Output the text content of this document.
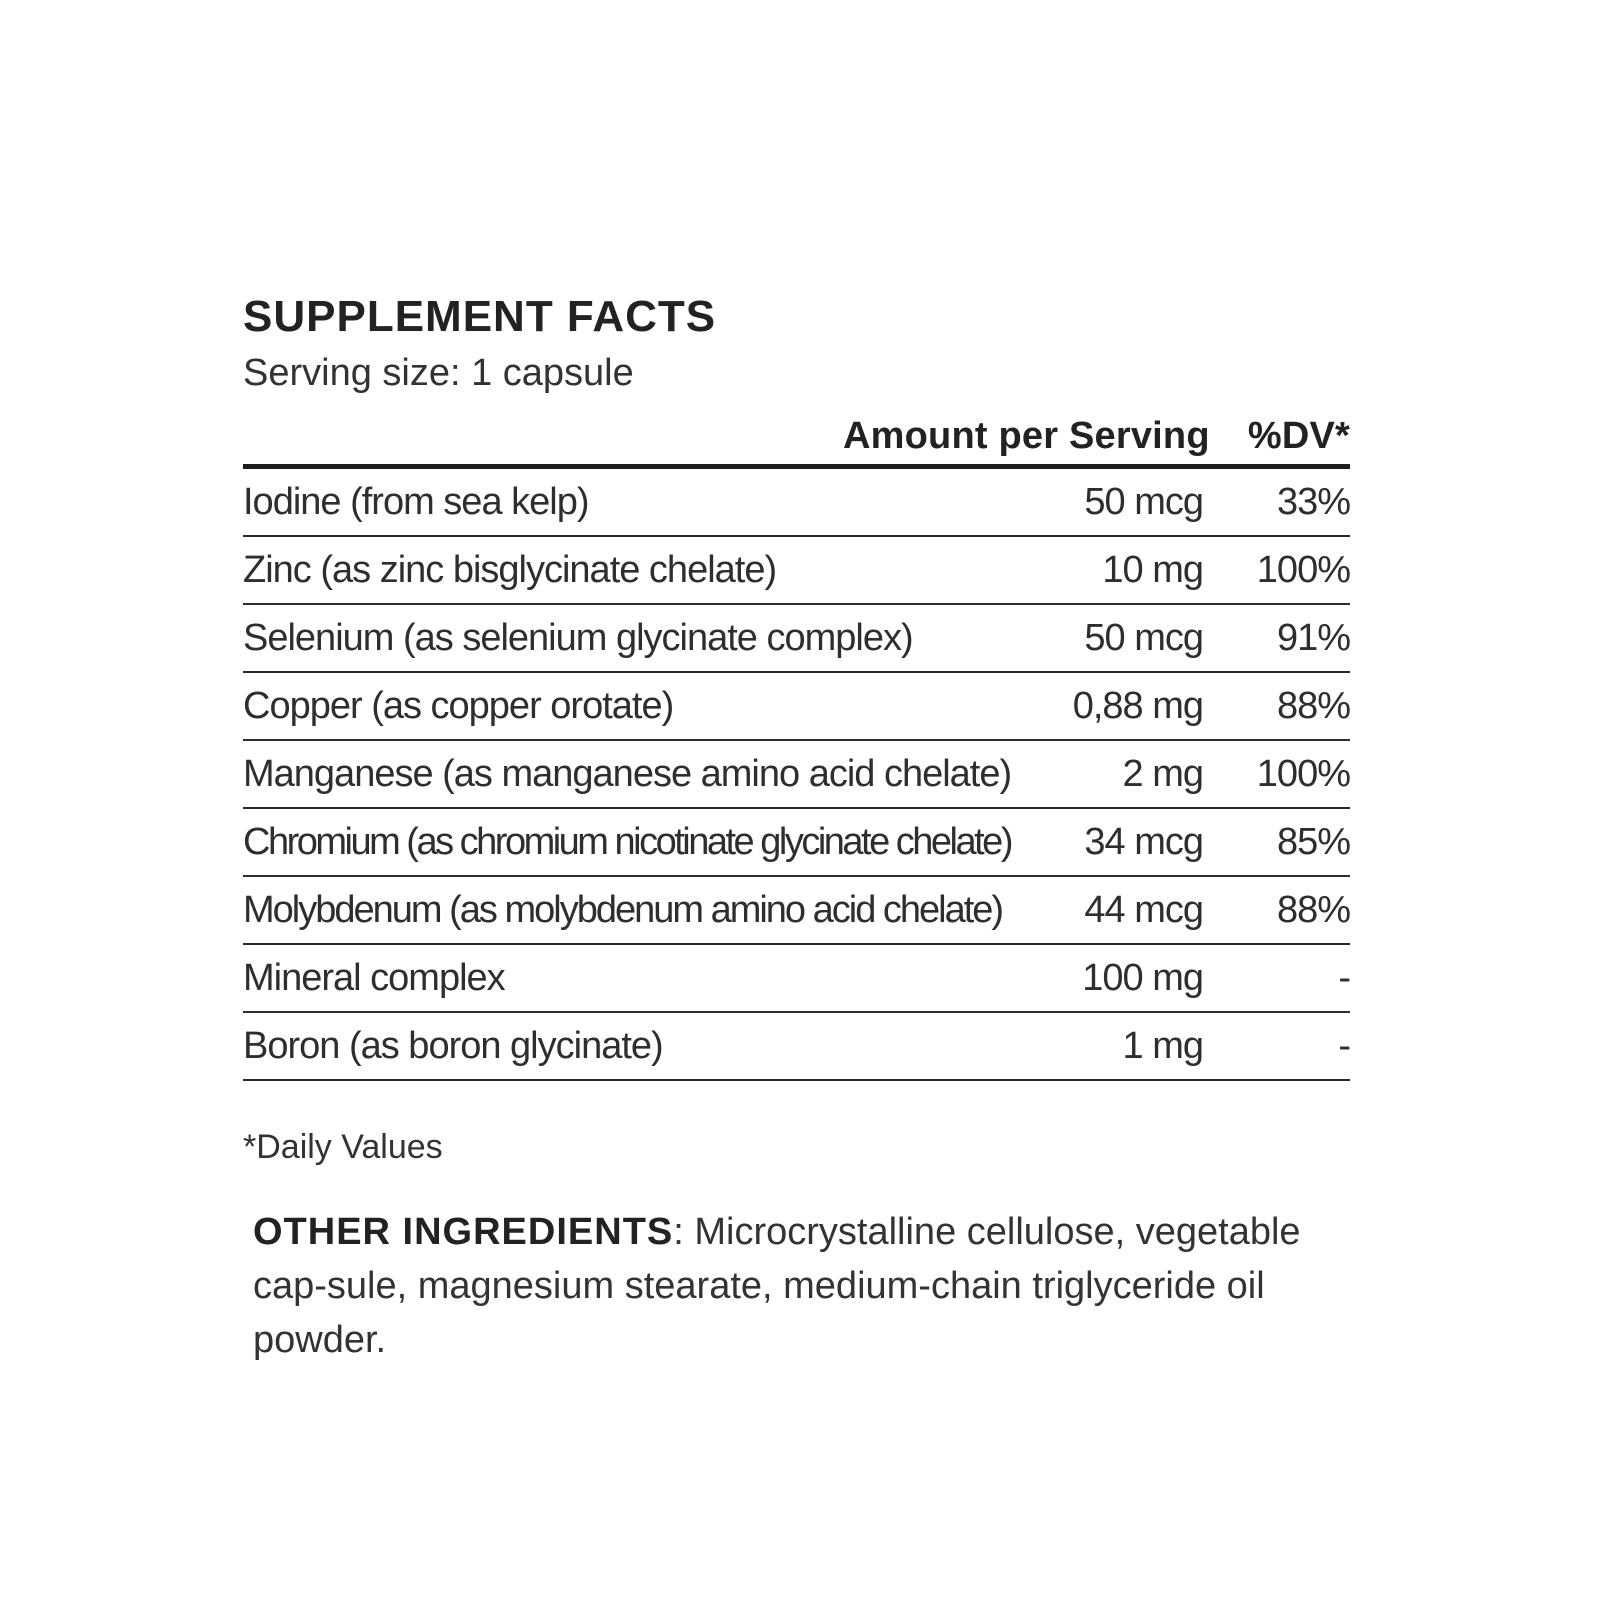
SUPPLEMENT FACTS

Serving size: 1 capsule

Amount per Serving	%DV*
Iodine (from sea kelp)	50 mcg	33%
Zinc (as zinc bisglycinate chelate)	10 mg	100%
Selenium (as selenium glycinate complex)	50 mcg	91%
Copper (as copper orotate)	0,88 mg	88%
Manganese (as manganese amino acid chelate)	2 mg	100%
Chromium (as chromium nicotinate glycinate chelate)	34 mcg	85%
Molybdenum (as molybdenum amino acid chelate)	44 mcg	88%
Mineral complex	100 mg	-
Boron (as boron glycinate)	1 mg	-

*Daily Values

OTHER INGREDIENTS: Microcrystalline cellulose, vegetable cap-sule, magnesium stearate, medium-chain triglyceride oil powder.
